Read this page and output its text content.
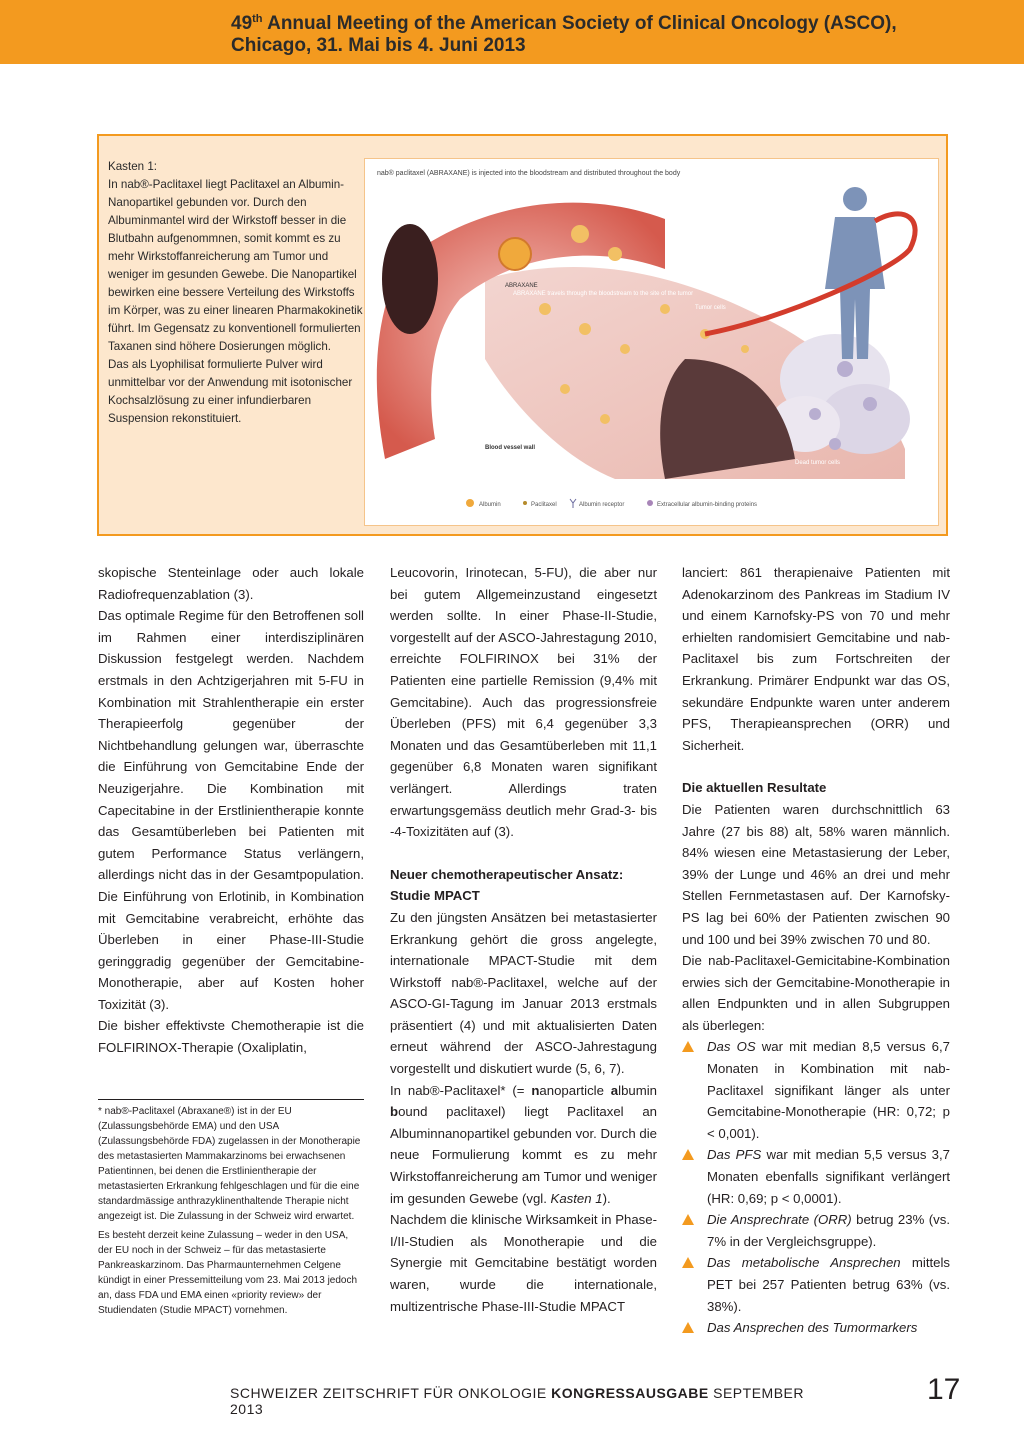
49th Annual Meeting of the American Society of Clinical Oncology (ASCO),
Chicago, 31. Mai bis 4. Juni 2013

Kasten 1:

In nab®-Paclitaxel liegt Paclitaxel an Albumin-Nanopartikel gebunden vor. Durch den Albuminmantel wird der Wirkstoff besser in die Blutbahn aufgenommnen, somit kommt es zu mehr Wirkstoffanreicherung am Tumor und weniger im gesunden Gewebe. Die Nanopartikel bewirken eine bessere Verteilung des Wirkstoffs im Körper, was zu einer linearen Pharmakokinetik führt. Im Gegensatz zu konventionell formulierten Taxanen sind höhere Dosierungen möglich.

Das als Lyophilisat formulierte Pulver wird unmittelbar vor der Anwendung mit isotonischer Kochsalzlösung zu einer infundierbaren Suspension rekonstituiert.

nab® paclitaxel (ABRAXANE) is injected into the bloodstream and distributed throughout the body
ABRAXANE
ABRAXANE travels through the bloodstream to the site of the tumor
Tumor cells
Blood vessel wall
Dead tumor cells
Albumin	Paclitaxel	Albumin receptor	Extracellular albumin-binding proteins

skopische Stenteinlage oder auch lokale Radiofrequenzablation (3).

Das optimale Regime für den Betroffenen soll im Rahmen einer interdisziplinären Diskussion festgelegt werden. Nachdem erstmals in den Achtzigerjahren mit 5-FU in Kombination mit Strahlentherapie ein erster Therapieerfolg gegenüber der Nichtbehandlung gelungen war, überraschte die Einführung von Gemcitabine Ende der Neuzigerjahre. Die Kombination mit Capecitabine in der Erstlinientherapie konnte das Gesamtüberleben bei Patienten mit gutem Performance Status verlängern, allerdings nicht das in der Gesamtpopulation. Die Einführung von Erlotinib, in Kombination mit Gemcitabine verabreicht, erhöhte das Überleben in einer Phase-III-Studie geringgradig gegenüber der Gemcitabine-Monotherapie, aber auf Kosten hoher Toxizität (3).

Die bisher effektivste Chemotherapie ist die FOLFIRINOX-Therapie (Oxaliplatin,

* nab®-Paclitaxel (Abraxane®) ist in der EU (Zulassungsbehörde EMA) und den USA (Zulassungsbehörde FDA) zugelassen in der Monotherapie des metastasierten Mammakarzinoms bei erwachsenen Patientinnen, bei denen die Erstlinientherapie der metastasierten Erkrankung fehlgeschlagen und für die eine standardmässige anthrazyklinenthaltende Therapie nicht angezeigt ist. Die Zulassung in der Schweiz wird erwartet.

Es besteht derzeit keine Zulassung – weder in den USA, der EU noch in der Schweiz – für das metastasierte Pankreaskarzinom. Das Pharmaunternehmen Celgene kündigt in einer Pressemitteilung vom 23. Mai 2013 jedoch an, dass FDA und EMA einen «priority review» der Studiendaten (Studie MPACT) vornehmen.

Leucovorin, Irinotecan, 5-FU), die aber nur bei gutem Allgemeinzustand eingesetzt werden sollte. In einer Phase-II-Studie, vorgestellt auf der ASCO-Jahrestagung 2010, erreichte FOLFIRINOX bei 31% der Patienten eine partielle Remission (9,4% mit Gemcitabine). Auch das progressionsfreie Überleben (PFS) mit 6,4 gegenüber 3,3 Monaten und das Gesamtüberleben mit 11,1 gegenüber 6,8 Monaten waren signifikant verlängert. Allerdings traten erwartungsgemäss deutlich mehr Grad-3- bis -4-Toxizitäten auf (3).

Neuer chemotherapeutischer Ansatz: Studie MPACT

Zu den jüngsten Ansätzen bei metastasierter Erkrankung gehört die gross angelegte, internationale MPACT-Studie mit dem Wirkstoff nab®-Paclitaxel, welche auf der ASCO-GI-Tagung im Januar 2013 erstmals präsentiert (4) und mit aktualisierten Daten erneut während der ASCO-Jahrestagung vorgestellt und diskutiert wurde (5, 6, 7).

In nab®-Paclitaxel* (= nanoparticle albumin bound paclitaxel) liegt Paclitaxel an Albuminnanopartikel gebunden vor. Durch die neue Formulierung kommt es zu mehr Wirkstoffanreicherung am Tumor und weniger im gesunden Gewebe (vgl. Kasten 1).

Nachdem die klinische Wirksamkeit in Phase-I/II-Studien als Monotherapie und die Synergie mit Gemcitabine bestätigt worden waren, wurde die internationale, multizentrische Phase-III-Studie MPACT

lanciert: 861 therapienaive Patienten mit Adenokarzinom des Pankreas im Stadium IV und einem Karnofsky-PS von 70 und mehr erhielten randomisiert Gemcitabine und nab-Paclitaxel bis zum Fortschreiten der Erkrankung. Primärer Endpunkt war das OS, sekundäre Endpunkte waren unter anderem PFS, Therapieansprechen (ORR) und Sicherheit.

Die aktuellen Resultate

Die Patienten waren durchschnittlich 63 Jahre (27 bis 88) alt, 58% waren männlich. 84% wiesen eine Metastasierung der Leber, 39% der Lunge und 46% an drei und mehr Stellen Fernmetastasen auf. Der Karnofsky-PS lag bei 60% der Patienten zwischen 90 und 100 und bei 39% zwischen 70 und 80.

Die nab-Paclitaxel-Gemicitabine-Kombination erwies sich der Gemcitabine-Monotherapie in allen Endpunkten und in allen Subgruppen als überlegen:

Das OS war mit median 8,5 versus 6,7 Monaten in Kombination mit nab-Paclitaxel signifikant länger als unter Gemcitabine-Monotherapie (HR: 0,72; p < 0,001).
Das PFS war mit median 5,5 versus 3,7 Monaten ebenfalls signifikant verlängert (HR: 0,69; p < 0,0001).
Die Ansprechrate (ORR) betrug 23% (vs. 7% in der Vergleichsgruppe).
Das metabolische Ansprechen mittels PET bei 257 Patienten betrug 63% (vs. 38%).
Das Ansprechen des Tumormarkers
SCHWEIZER ZEITSCHRIFT FÜR ONKOLOGIE KONGRESSAUSGABE SEPTEMBER 2013
17
